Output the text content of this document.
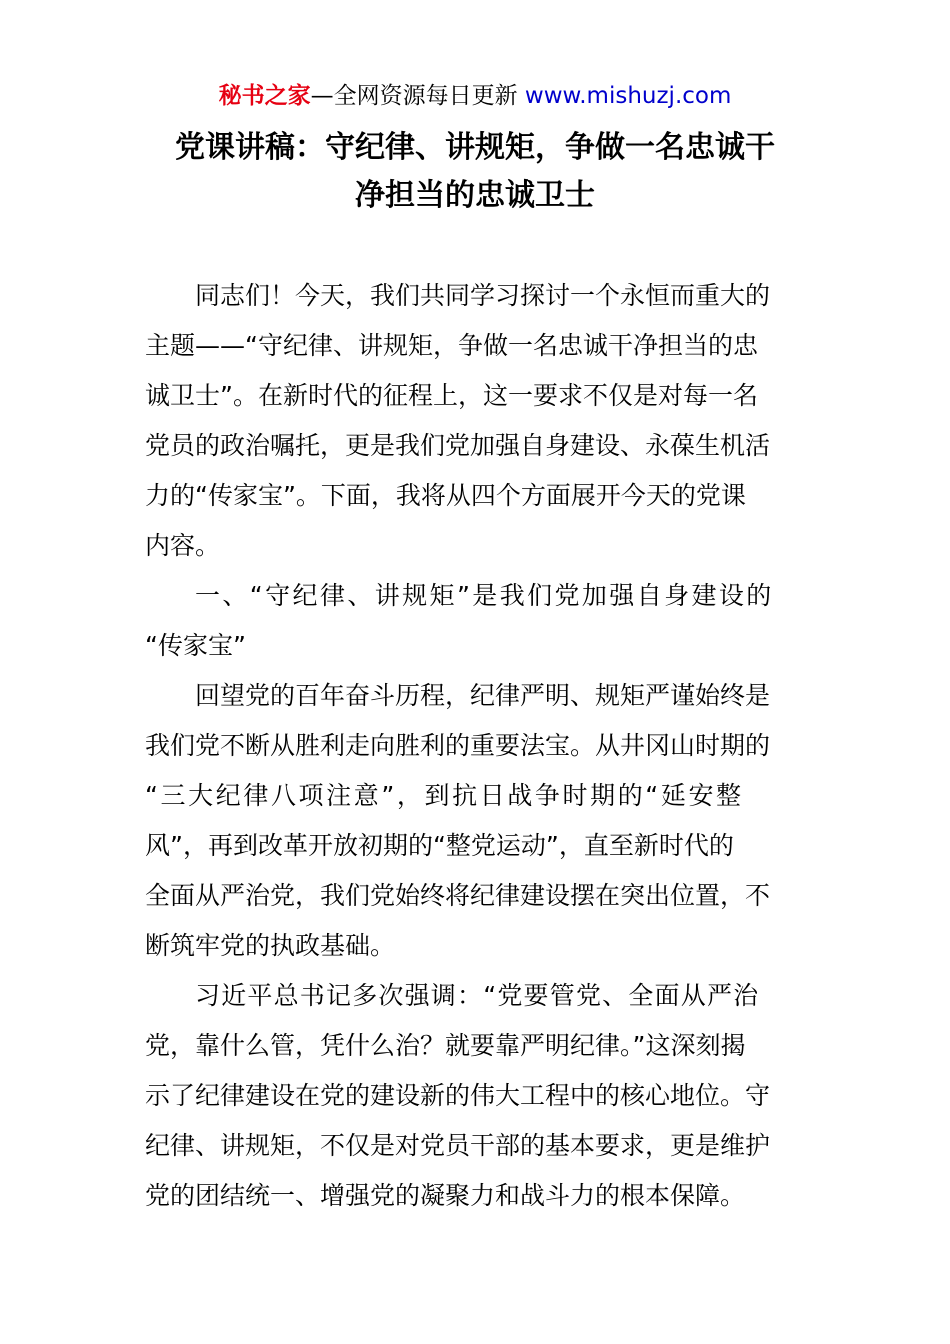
秘书之家—全网资源每日更新 www.mishuzj.com
党课讲稿：守纪律、讲规矩，争做一名忠诚干
净担当的忠诚卫士
同志们！今天，我们共同学习探讨一个永恒而重大的
主题——“守纪律、讲规矩，争做一名忠诚干净担当的忠
诚卫士”。在新时代的征程上，这一要求不仅是对每一名
党员的政治嘱托，更是我们党加强自身建设、永葆生机活
力的“传家宝”。下面，我将从四个方面展开今天的党课
内容。
一、“守纪律、讲规矩”是我们党加强自身建设的
“传家宝”
回望党的百年奋斗历程，纪律严明、规矩严谨始终是
我们党不断从胜利走向胜利的重要法宝。从井冈山时期的
“三大纪律八项注意”，到抗日战争时期的“延安整
风”，再到改革开放初期的“整党运动”，直至新时代的
全面从严治党，我们党始终将纪律建设摆在突出位置，不
断筑牢党的执政基础。
习近平总书记多次强调：“党要管党、全面从严治
党，靠什么管，凭什么治？就要靠严明纪律。”这深刻揭
示了纪律建设在党的建设新的伟大工程中的核心地位。守
纪律、讲规矩，不仅是对党员干部的基本要求，更是维护
党的团结统一、增强党的凝聚力和战斗力的根本保障。
